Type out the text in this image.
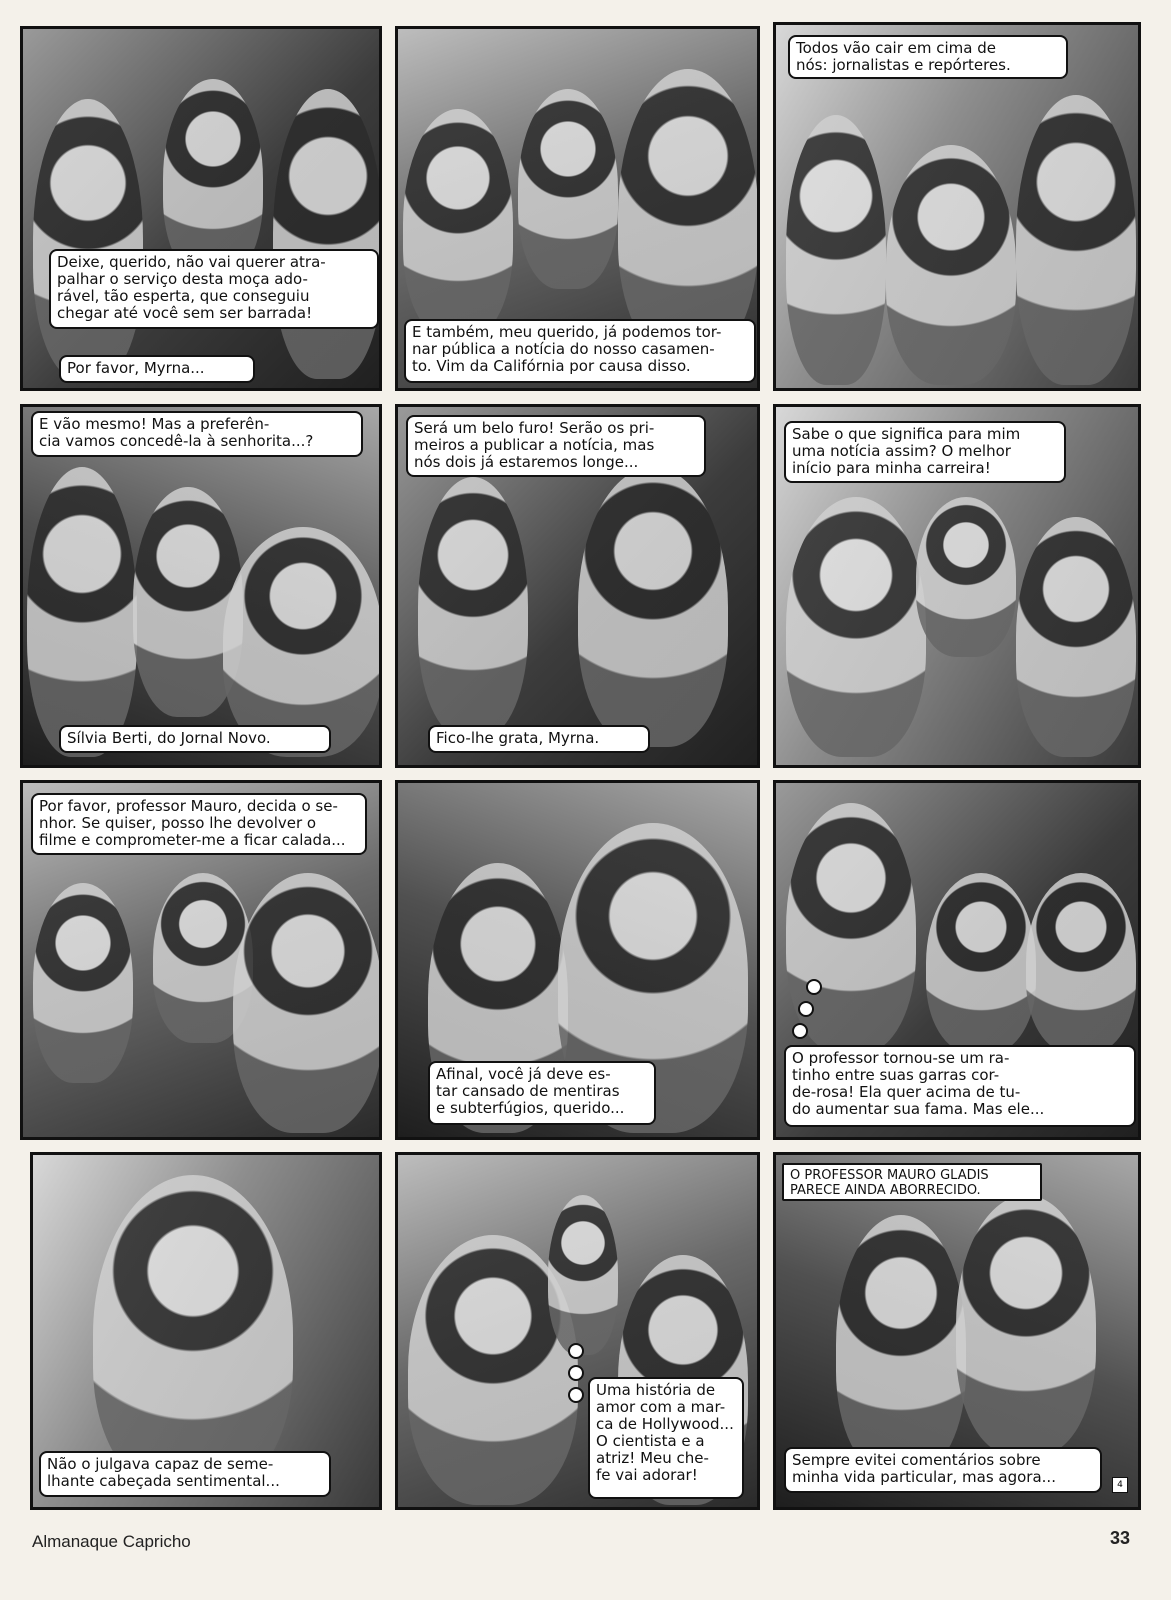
Deixe, querido, não vai querer atra-
palhar o serviço desta moça ado-
rável, tão esperta, que conseguiu
chegar até você sem ser barrada!
Por favor, Myrna...
E também, meu querido, já podemos tor-
nar pública a notícia do nosso casamen-
to. Vim da Califórnia por causa disso.
Todos vão cair em cima de
nós: jornalistas e repórteres.
E vão mesmo! Mas a preferên-
cia vamos concedê-la à senhorita...?
Sílvia Berti, do Jornal Novo.
Será um belo furo! Serão os pri-
meiros a publicar a notícia, mas
nós dois já estaremos longe...
Fico-lhe grata, Myrna.
Sabe o que significa para mim
uma notícia assim? O melhor
início para minha carreira!
Por favor, professor Mauro, decida o se-
nhor. Se quiser, posso lhe devolver o
filme e comprometer-me a ficar calada...
Afinal, você já deve es-
tar cansado de mentiras
e subterfúgios, querido...
O professor tornou-se um ra-
tinho entre suas garras cor-
de-rosa! Ela quer acima de tu-
do aumentar sua fama. Mas ele...
Não o julgava capaz de seme-
lhante cabeçada sentimental...
Uma história de
amor com a mar-
ca de Hollywood...
O cientista e a
atriz! Meu che-
fe vai adorar!
O PROFESSOR MAURO GLADIS
PARECE AINDA ABORRECIDO.
Sempre evitei comentários sobre
minha vida particular, mas agora...	4
Almanaque Capricho	33
